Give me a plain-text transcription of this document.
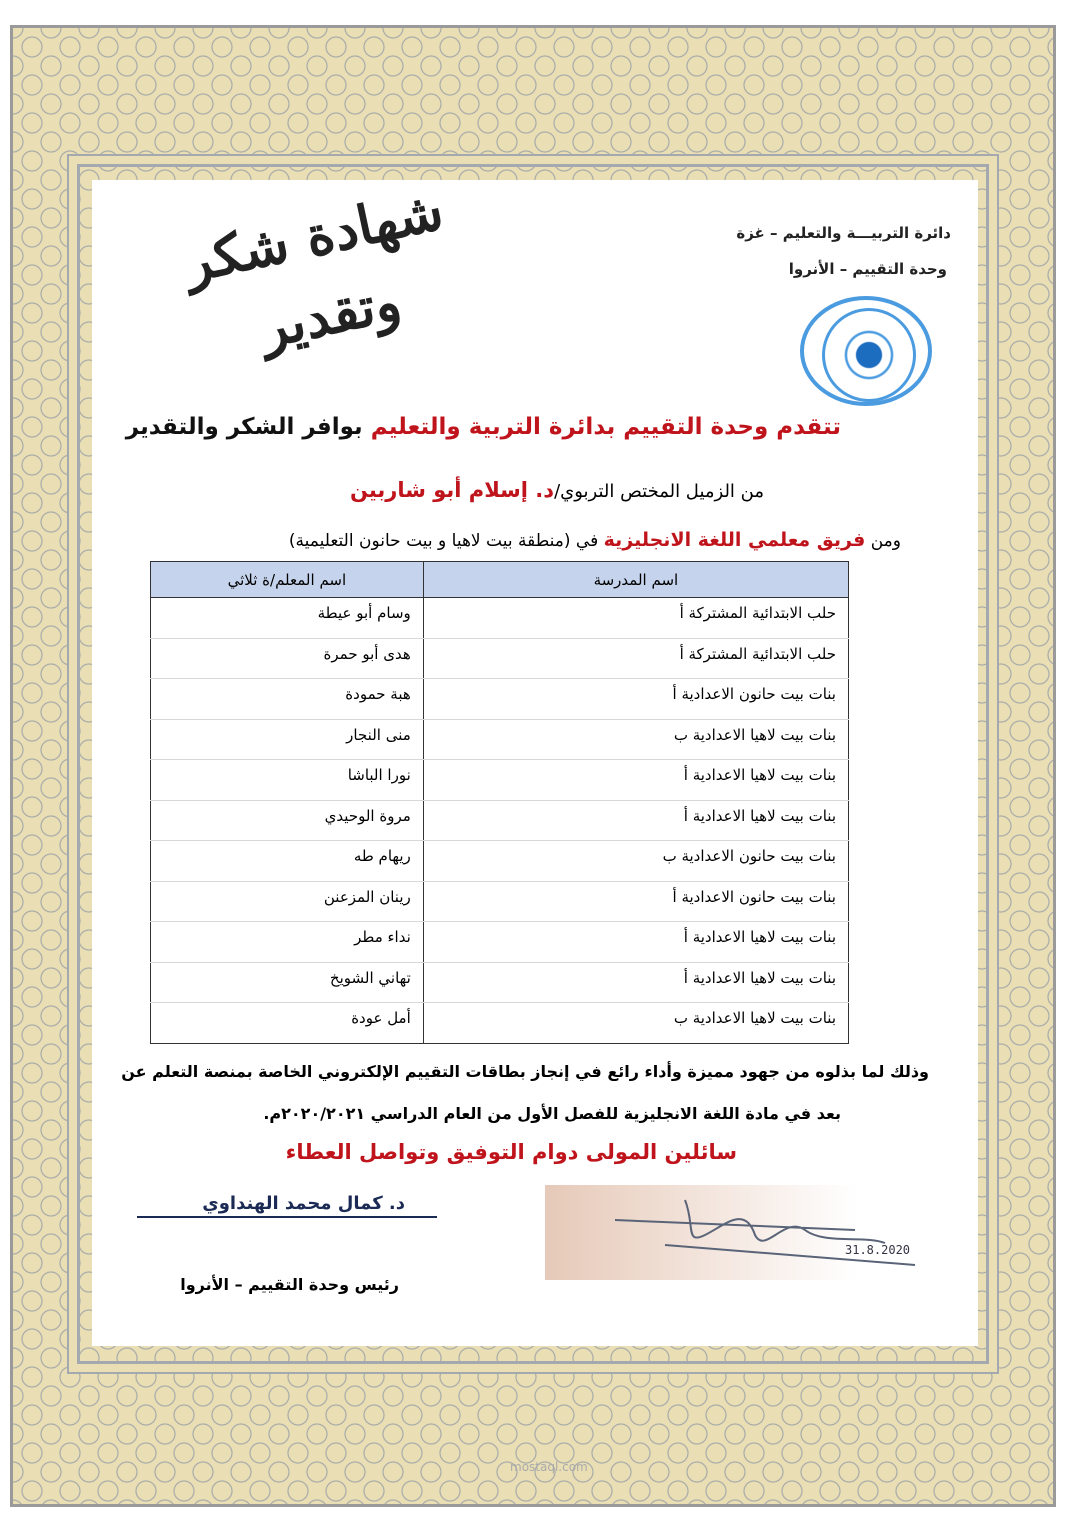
دائرة التربيـــة والتعليم – غزة
وحدة التقييم – الأنروا
شهادة شكر وتقدير
تتقدم وحدة التقييم بدائرة التربية والتعليم بوافر الشكر والتقدير
من الزميل المختص التربوي/د. إسلام أبو شاربين
ومن فريق معلمي اللغة الانجليزية في (منطقة بيت لاهيا و بيت حانون التعليمية)
اسم المدرسة	اسم المعلم/ة ثلاثي
حلب الابتدائية المشتركة أ	وسام أبو عيطة
حلب الابتدائية المشتركة أ	هدى أبو حمرة
بنات بيت حانون الاعدادية أ	هبة حمودة
بنات بيت لاهيا الاعدادية ب	منى النجار
بنات بيت لاهيا الاعدادية أ	نورا الباشا
بنات بيت لاهيا الاعدادية أ	مروة الوحيدي
بنات بيت حانون الاعدادية ب	ريهام طه
بنات بيت حانون الاعدادية أ	رينان المزعنن
بنات بيت لاهيا الاعدادية أ	نداء مطر
بنات بيت لاهيا الاعدادية أ	تهاني الشويخ
بنات بيت لاهيا الاعدادية ب	أمل عودة
وذلك لما بذلوه من جهود مميزة وأداء رائع في إنجاز بطاقات التقييم الإلكتروني الخاصة بمنصة التعلم عن
بعد في مادة اللغة الانجليزية للفصل الأول من العام الدراسي ٢٠٢٠/٢٠٢١م.
سائلين المولى دوام التوفيق وتواصل العطاء
31.8.2020
د. كمال محمد الهنداوي
رئيس وحدة التقييم – الأنروا
mostaql.com
